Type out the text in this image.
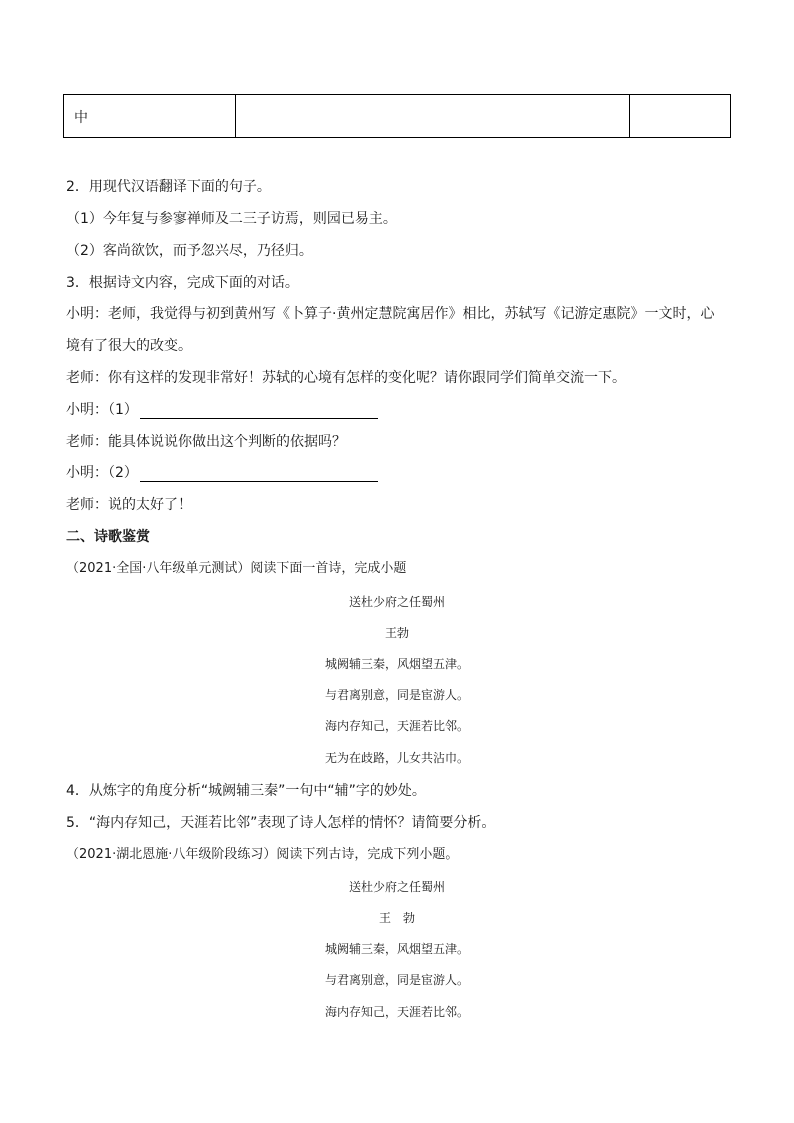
中
2．用现代汉语翻译下面的句子。
（1）今年复与参寥禅师及二三子访焉，则园已易主。
（2）客尚欲饮，而予忽兴尽，乃径归。
3．根据诗文内容，完成下面的对话。
小明：老师，我觉得与初到黄州写《卜算子·黄州定慧院寓居作》相比，苏轼写《记游定惠院》一文时，心
境有了很大的改变。
老师：你有这样的发现非常好！苏轼的心境有怎样的变化呢？请你跟同学们简单交流一下。
小明：（1）
老师：能具体说说你做出这个判断的依据吗？
小明：（2）
老师：说的太好了！
二、诗歌鉴赏
（2021·全国·八年级单元测试）阅读下面一首诗，完成小题
送杜少府之任蜀州
王勃
城阙辅三秦，风烟望五津。
与君离别意，同是宦游人。
海内存知己，天涯若比邻。
无为在歧路，儿女共沾巾。
4．从炼字的角度分析“城阙辅三秦”一句中“辅”字的妙处。
5．“海内存知己，天涯若比邻”表现了诗人怎样的情怀？请简要分析。
（2021·湖北恩施·八年级阶段练习）阅读下列古诗，完成下列小题。
送杜少府之任蜀州
王　勃
城阙辅三秦，风烟望五津。
与君离别意，同是宦游人。
海内存知己，天涯若比邻。
